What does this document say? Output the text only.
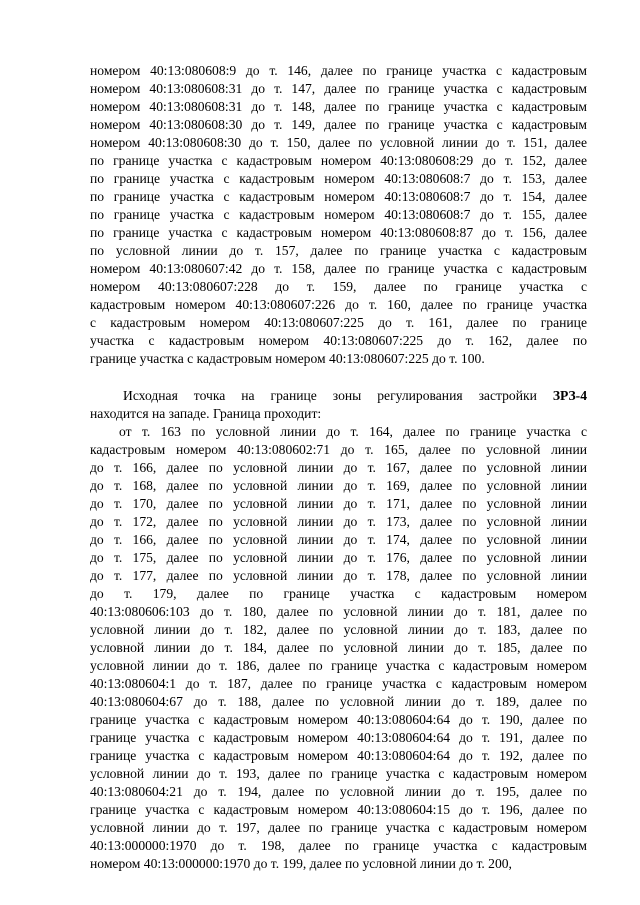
номером 40:13:080608:9 до т. 146, далее по границе участка с кадастровым
номером 40:13:080608:31 до т. 147, далее по границе участка с кадастровым
номером 40:13:080608:31 до т. 148, далее по границе участка с кадастровым
номером 40:13:080608:30 до т. 149, далее по границе участка с кадастровым
номером 40:13:080608:30 до т. 150, далее по условной линии до т. 151, далее
по границе участка с кадастровым номером 40:13:080608:29 до т. 152, далее
по границе участка с кадастровым номером 40:13:080608:7 до т. 153, далее
по границе участка с кадастровым номером 40:13:080608:7 до т. 154, далее
по границе участка с кадастровым номером 40:13:080608:7 до т. 155, далее
по границе участка с кадастровым номером 40:13:080608:87 до т. 156, далее
по условной линии до т. 157, далее по границе участка с кадастровым
номером 40:13:080607:42 до т. 158, далее по границе участка с кадастровым
номером 40:13:080607:228 до т. 159, далее по границе участка с
кадастровым номером 40:13:080607:226 до т. 160, далее по границе участка
с кадастровым номером 40:13:080607:225 до т. 161, далее по границе
участка с кадастровым номером 40:13:080607:225 до т. 162, далее по
границе участка с кадастровым номером 40:13:080607:225 до т. 100.
Исходная точка на границе зоны регулирования застройки ЗРЗ-4
находится на западе. Граница проходит:
от т. 163 по условной линии до т. 164, далее по границе участка с
кадастровым номером 40:13:080602:71 до т. 165, далее по условной линии
до т. 166, далее по условной линии до т. 167, далее по условной линии
до т. 168, далее по условной линии до т. 169, далее по условной линии
до т. 170, далее по условной линии до т. 171, далее по условной линии
до т. 172, далее по условной линии до т. 173, далее по условной линии
до т. 166, далее по условной линии до т. 174, далее по условной линии
до т. 175, далее по условной линии до т. 176, далее по условной линии
до т. 177, далее по условной линии до т. 178, далее по условной линии
до т. 179, далее по границе участка с кадастровым номером
40:13:080606:103 до т. 180, далее по условной линии до т. 181, далее по
условной линии до т. 182, далее по условной линии до т. 183, далее по
условной линии до т. 184, далее по условной линии до т. 185, далее по
условной линии до т. 186, далее по границе участка с кадастровым номером
40:13:080604:1 до т. 187, далее по границе участка с кадастровым номером
40:13:080604:67 до т. 188, далее по условной линии до т. 189, далее по
границе участка с кадастровым номером 40:13:080604:64 до т. 190, далее по
границе участка с кадастровым номером 40:13:080604:64 до т. 191, далее по
границе участка с кадастровым номером 40:13:080604:64 до т. 192, далее по
условной линии до т. 193, далее по границе участка с кадастровым номером
40:13:080604:21 до т. 194, далее по условной линии до т. 195, далее по
границе участка с кадастровым номером 40:13:080604:15 до т. 196, далее по
условной линии до т. 197, далее по границе участка с кадастровым номером
40:13:000000:1970 до т. 198, далее по границе участка с кадастровым
номером 40:13:000000:1970 до т. 199, далее по условной линии до т. 200,
